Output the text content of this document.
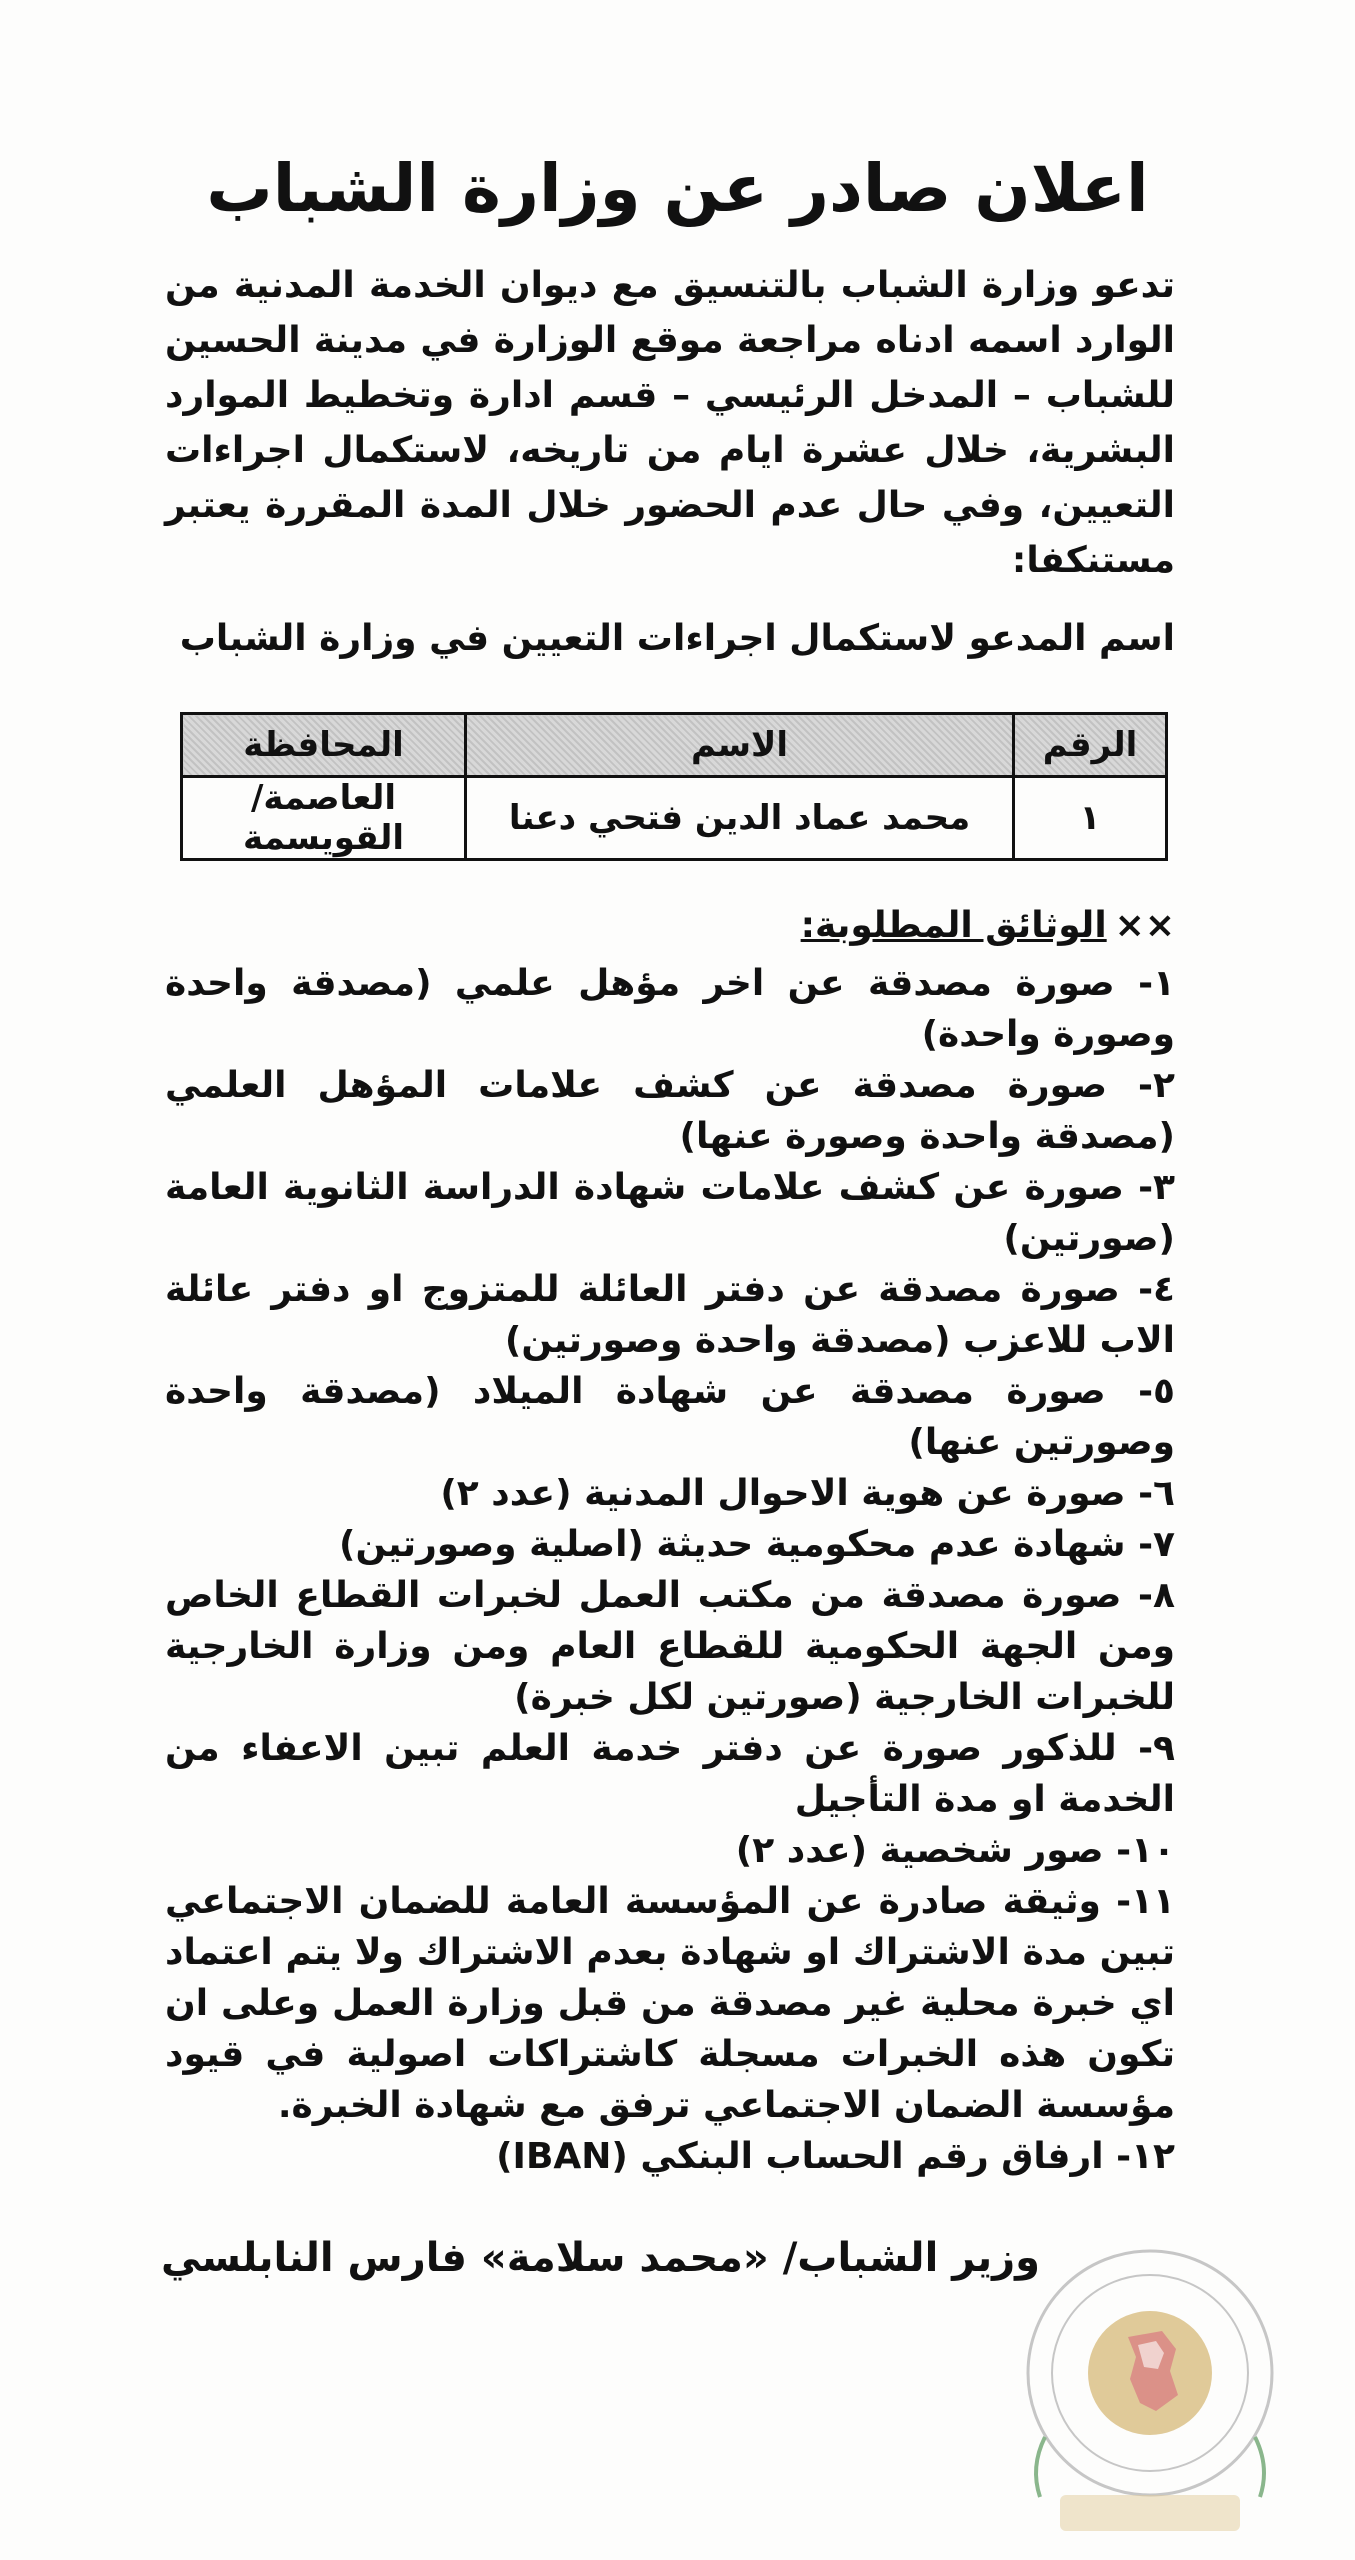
اعلان صادر عن وزارة الشباب
تدعو وزارة الشباب بالتنسيق مع ديوان الخدمة المدنية من الوارد اسمه ادناه مراجعة موقع الوزارة في مدينة الحسين للشباب – المدخل الرئيسي – قسم ادارة وتخطيط الموارد البشرية، خلال عشرة ايام من تاريخه، لاستكمال اجراءات التعيين، وفي حال عدم الحضور خلال المدة المقررة يعتبر مستنكفا:
اسم المدعو لاستكمال اجراءات التعيين في وزارة الشباب
الرقم	الاسم	المحافظة
١	محمد عماد الدين فتحي دعنا	العاصمة/ القويسمة
××الوثائق المطلوبة:

١- صورة مصدقة عن اخر مؤهل علمي (مصدقة واحدة وصورة واحدة)

٢- صورة مصدقة عن كشف علامات المؤهل العلمي (مصدقة واحدة وصورة عنها)

٣- صورة عن كشف علامات شهادة الدراسة الثانوية العامة (صورتين)

٤- صورة مصدقة عن دفتر العائلة للمتزوج او دفتر عائلة الاب للاعزب (مصدقة واحدة وصورتين)

٥- صورة مصدقة عن شهادة الميلاد (مصدقة واحدة وصورتين عنها)

٦- صورة عن هوية الاحوال المدنية (عدد ٢)

٧- شهادة عدم محكومية حديثة (اصلية وصورتين)

٨- صورة مصدقة من مكتب العمل لخبرات القطاع الخاص ومن الجهة الحكومية للقطاع العام ومن وزارة الخارجية للخبرات الخارجية (صورتين لكل خبرة)

٩- للذكور صورة عن دفتر خدمة العلم تبين الاعفاء من الخدمة او مدة التأجيل

١٠- صور شخصية (عدد ٢)

١١- وثيقة صادرة عن المؤسسة العامة للضمان الاجتماعي تبين مدة الاشتراك او شهادة بعدم الاشتراك ولا يتم اعتماد اي خبرة محلية غير مصدقة من قبل وزارة العمل وعلى ان تكون هذه الخبرات مسجلة كاشتراكات اصولية في قيود مؤسسة الضمان الاجتماعي ترفق مع شهادة الخبرة.

١٢- ارفاق رقم الحساب البنكي (IBAN)

وزير الشباب/ «محمد سلامة» فارس النابلسي
